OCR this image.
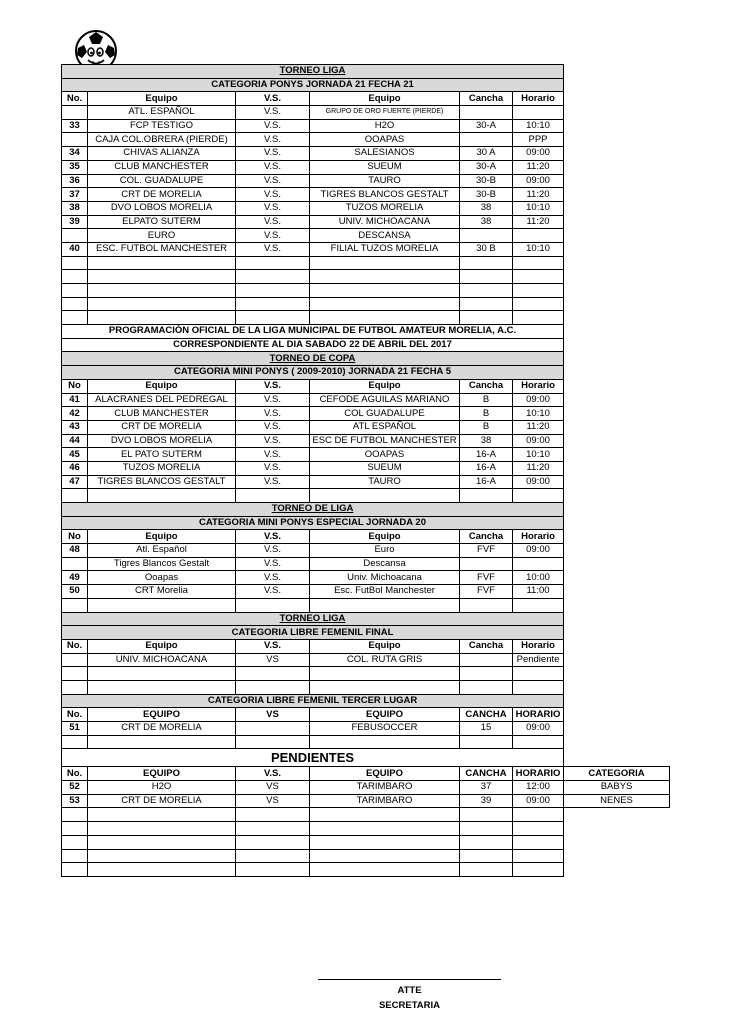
TORNEO LIGA						
CATEGORIA PONYS JORNADA 21 FECHA 21						
No.	Equipo	V.S.	Equipo	Cancha	Horario	
	ATL. ESPAÑOL	V.S.	GRUPO DE ORO FUERTE (PIERDE)			
33	FCP TESTIGO	V.S.	H2O	30-A	10:10	
	CAJA COL.OBRERA (PIERDE)	V.S.	OOAPAS		PPP	
34	CHIVAS ALIANZA	V.S.	SALESIANOS	30 A	09:00	
35	CLUB MANCHESTER	V.S.	SUEUM	30-A	11:20	
36	COL. GUADALUPE	V.S.	TAURO	30-B	09:00	
37	CRT DE MORELIA	V.S.	TIGRES BLANCOS GESTALT	30-B	11:20	
38	DVO LOBOS MORELIA	V.S.	TUZOS MORELIA	38	10:10	
39	ELPATO SUTERM	V.S.	UNIV. MICHOACANA	38	11:20	
	EURO	V.S.	DESCANSA			
40	ESC. FUTBOL MANCHESTER	V.S.	FILIAL TUZOS MORELIA	30 B	10:10	

PROGRAMACIÓN OFICIAL DE LA LIGA MUNICIPAL DE FUTBOL AMATEUR MORELIA, A.C.						
CORRESPONDIENTE AL DIA SABADO 22 DE ABRIL DEL 2017						
TORNEO DE COPA						
CATEGORIA MINI PONYS ( 2009-2010) JORNADA 21 FECHA 5						
No	Equipo	V.S.	Equipo	Cancha	Horario	
41	ALACRANES DEL PEDREGAL	V.S.	CEFODE AGUILAS MARIANO	B	09:00	
42	CLUB MANCHESTER	V.S.	COL GUADALUPE	B	10:10	
43	CRT DE MORELIA	V.S.	ATL ESPAÑOL	B	11:20	
44	DVO LOBOS MORELIA	V.S.	ESC DE FUTBOL MANCHESTER	38	09:00	
45	EL PATO SUTERM	V.S.	OOAPAS	16-A	10:10	
46	TUZOS MORELIA	V.S.	SUEUM	16-A	11:20	
47	TIGRES BLANCOS GESTALT	V.S.	TAURO	16-A	09:00	

TORNEO DE LIGA						
CATEGORIA MINI PONYS ESPECIAL JORNADA 20						
No	Equipo	V.S.	Equipo	Cancha	Horario	
48	Atl. Español	V.S.	Euro	FVF	09:00	
	Tigres Blancos Gestalt	V.S.	Descansa			
49	Ooapas	V.S.	Univ. Michoacana	FVF	10:00	
50	CRT Morelia	V.S.	Esc. FutBol Manchester	FVF	11:00	

TORNEO LIGA						
CATEGORIA LIBRE FEMENIL FINAL						
No.	Equipo	V.S.	Equipo	Cancha	Horario	
	UNIV. MICHOACANA	VS	COL. RUTA GRIS		Pendiente	

CATEGORIA LIBRE FEMENIL TERCER LUGAR						
No.	EQUIPO	VS	EQUIPO	CANCHA	HORARIO	
51	CRT DE MORELIA		FEBUSOCCER	15	09:00	

PENDIENTES						
No.	EQUIPO	V.S.	EQUIPO	CANCHA	HORARIO	CATEGORIA
52	H2O	VS	TARIMBARO	37	12:00	BABYS
53	CRT DE MORELIA	VS	TARIMBARO	39	09:00	NENES

ATTE
SECRETARIA
